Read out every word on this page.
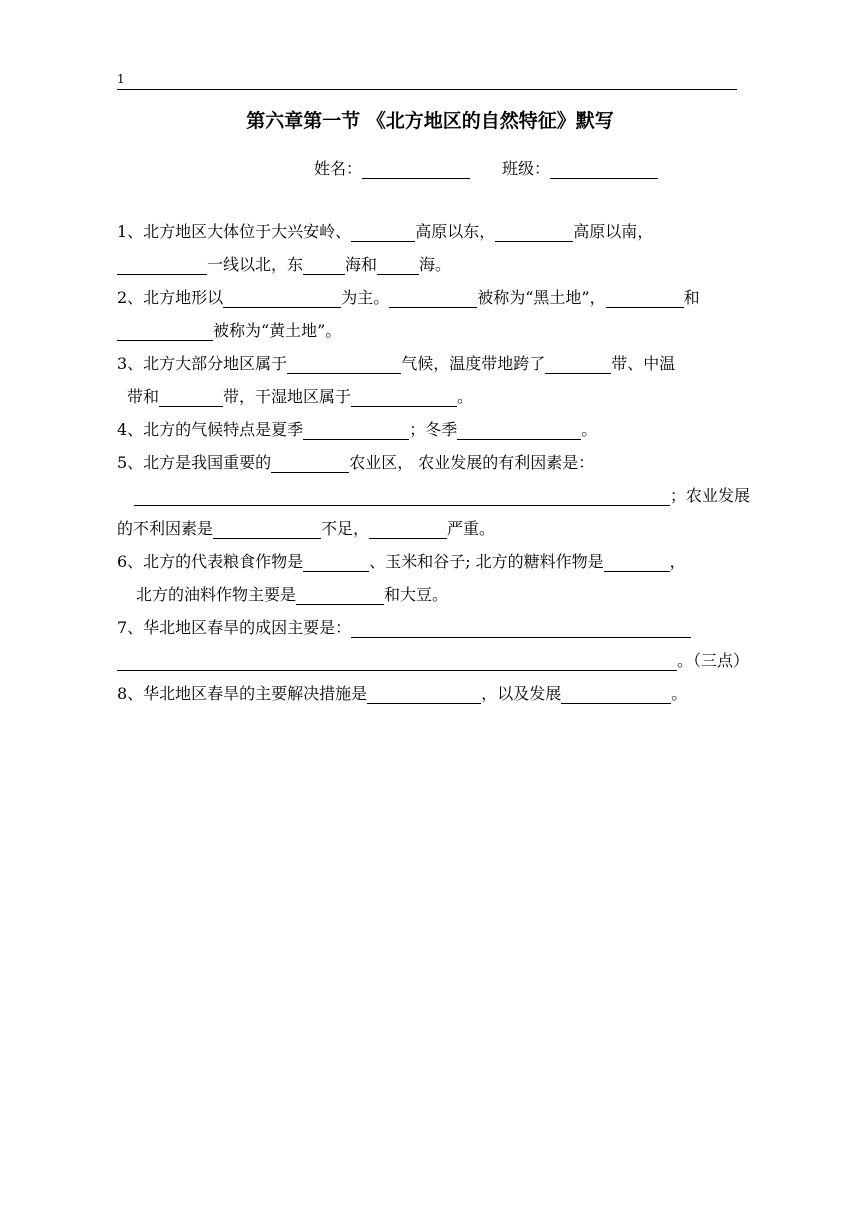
1
第六章第一节 《北方地区的自然特征》默写
姓名：	班级：
1、北方地区大体位于大兴安岭、	高原以东，	高原以南，
一线以北，东	海和	海。
2、北方地形以	为主。	被称为“黑土地”，	和
被称为“黄土地”。
3、北方大部分地区属于	气候，温度带地跨了	带、中温
带和	带，干湿地区属于	。
4、北方的气候特点是夏季	；冬季	。
5、北方是我国重要的	农业区， 农业发展的有利因素是：
；农业发展
的不利因素是	不足，	严重。
6、北方的代表粮食作物是	、玉米和谷子; 北方的糖料作物是	，
北方的油料作物主要是	和大豆。
7、华北地区春旱的成因主要是：
。（三点）
8、华北地区春旱的主要解决措施是	，以及发展	。
